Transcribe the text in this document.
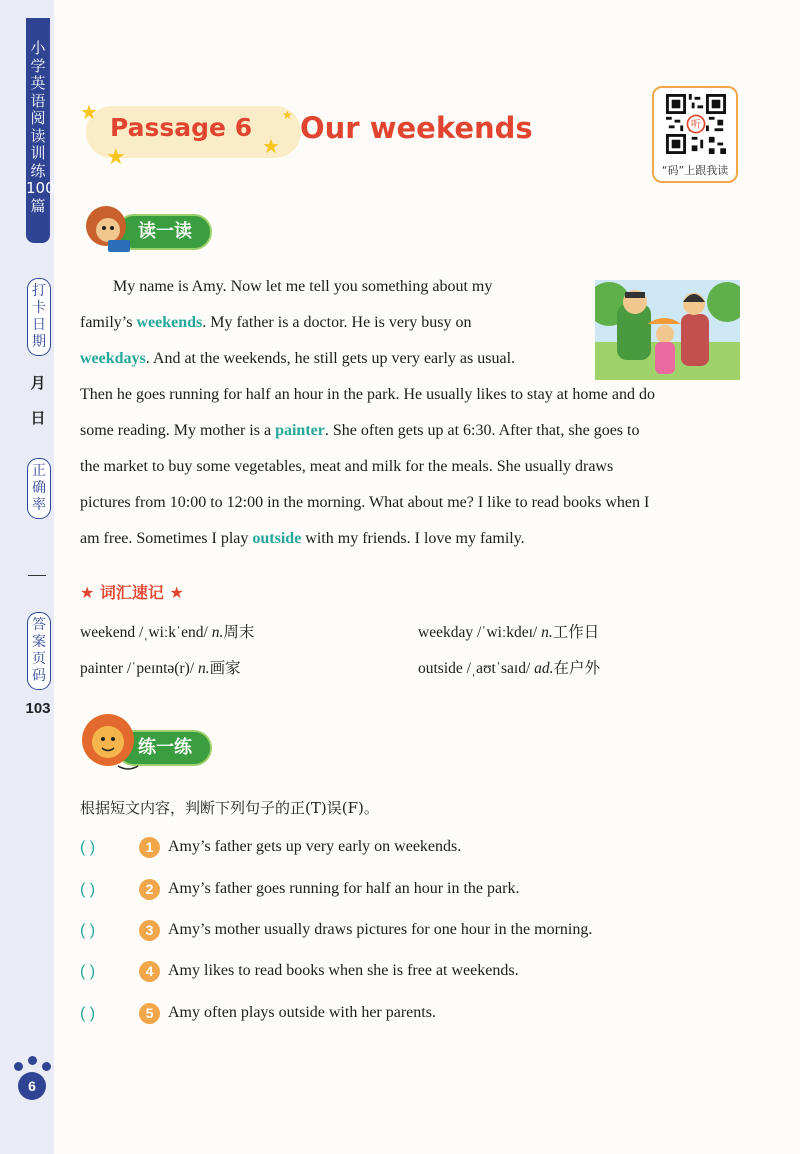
小学英语阅读训练100篇
打卡日期
月
日
正确率
答案页码
103
★
★	★
★
Passage 6 Our weekends	听
“码”上跟我读
读一读
My name is Amy. Now let me tell you something about my
family’s weekends. My father is a doctor. He is very busy on
weekdays. And at the weekends, he still gets up very early as usual.
Then he goes running for half an hour in the park. He usually likes to stay at home and do
some reading. My mother is a painter. She often gets up at 6:30. After that, she goes to
the market to buy some vegetables, meat and milk for the meals. She usually draws
pictures from 10:00 to 12:00 in the morning. What about me? I like to read books when I
am free. Sometimes I play outside with my friends. I love my family.
★ 词汇速记 ★
weekend /ˌwiːkˈend/ n.周末	weekday /ˈwiːkdeɪ/ n.工作日
painter /ˈpeɪntə(r)/ n.画家	outside /ˌaʊtˈsaɪd/ ad.在户外
练一练
根据短文内容，判断下列句子的正(T)误(F)。
( )	1 Amy’s father gets up very early on weekends.
( )	2 Amy’s father goes running for half an hour in the park.
( )	3 Amy’s mother usually draws pictures for one hour in the morning.
( )	4 Amy likes to read books when she is free at weekends.
( )	5 Amy often plays outside with her parents.
6
